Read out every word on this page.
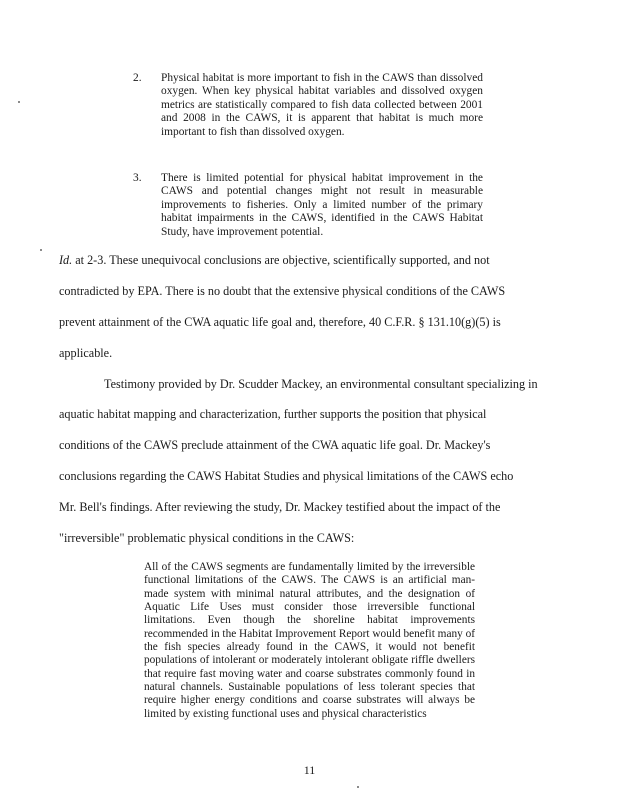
2. Physical habitat is more important to fish in the CAWS than dissolved oxygen. When key physical habitat variables and dissolved oxygen metrics are statistically compared to fish data collected between 2001 and 2008 in the CAWS, it is apparent that habitat is much more important to fish than dissolved oxygen.
3. There is limited potential for physical habitat improvement in the CAWS and potential changes might not result in measurable improvements to fisheries. Only a limited number of the primary habitat impairments in the CAWS, identified in the CAWS Habitat Study, have improvement potential.
Id. at 2-3. These unequivocal conclusions are objective, scientifically supported, and not
contradicted by EPA. There is no doubt that the extensive physical conditions of the CAWS
prevent attainment of the CWA aquatic life goal and, therefore, 40 C.F.R. § 131.10(g)(5) is
applicable.
Testimony provided by Dr. Scudder Mackey, an environmental consultant specializing in
aquatic habitat mapping and characterization, further supports the position that physical
conditions of the CAWS preclude attainment of the CWA aquatic life goal. Dr. Mackey's
conclusions regarding the CAWS Habitat Studies and physical limitations of the CAWS echo
Mr. Bell's findings. After reviewing the study, Dr. Mackey testified about the impact of the
"irreversible" problematic physical conditions in the CAWS:
All of the CAWS segments are fundamentally limited by the irreversible functional limitations of the CAWS. The CAWS is an artificial man-made system with minimal natural attributes, and the designation of Aquatic Life Uses must consider those irreversible functional limitations. Even though the shoreline habitat improvements recommended in the Habitat Improvement Report would benefit many of the fish species already found in the CAWS, it would not benefit populations of intolerant or moderately intolerant obligate riffle dwellers that require fast moving water and coarse substrates commonly found in natural channels. Sustainable populations of less tolerant species that require higher energy conditions and coarse substrates will always be limited by existing functional uses and physical characteristics
11
